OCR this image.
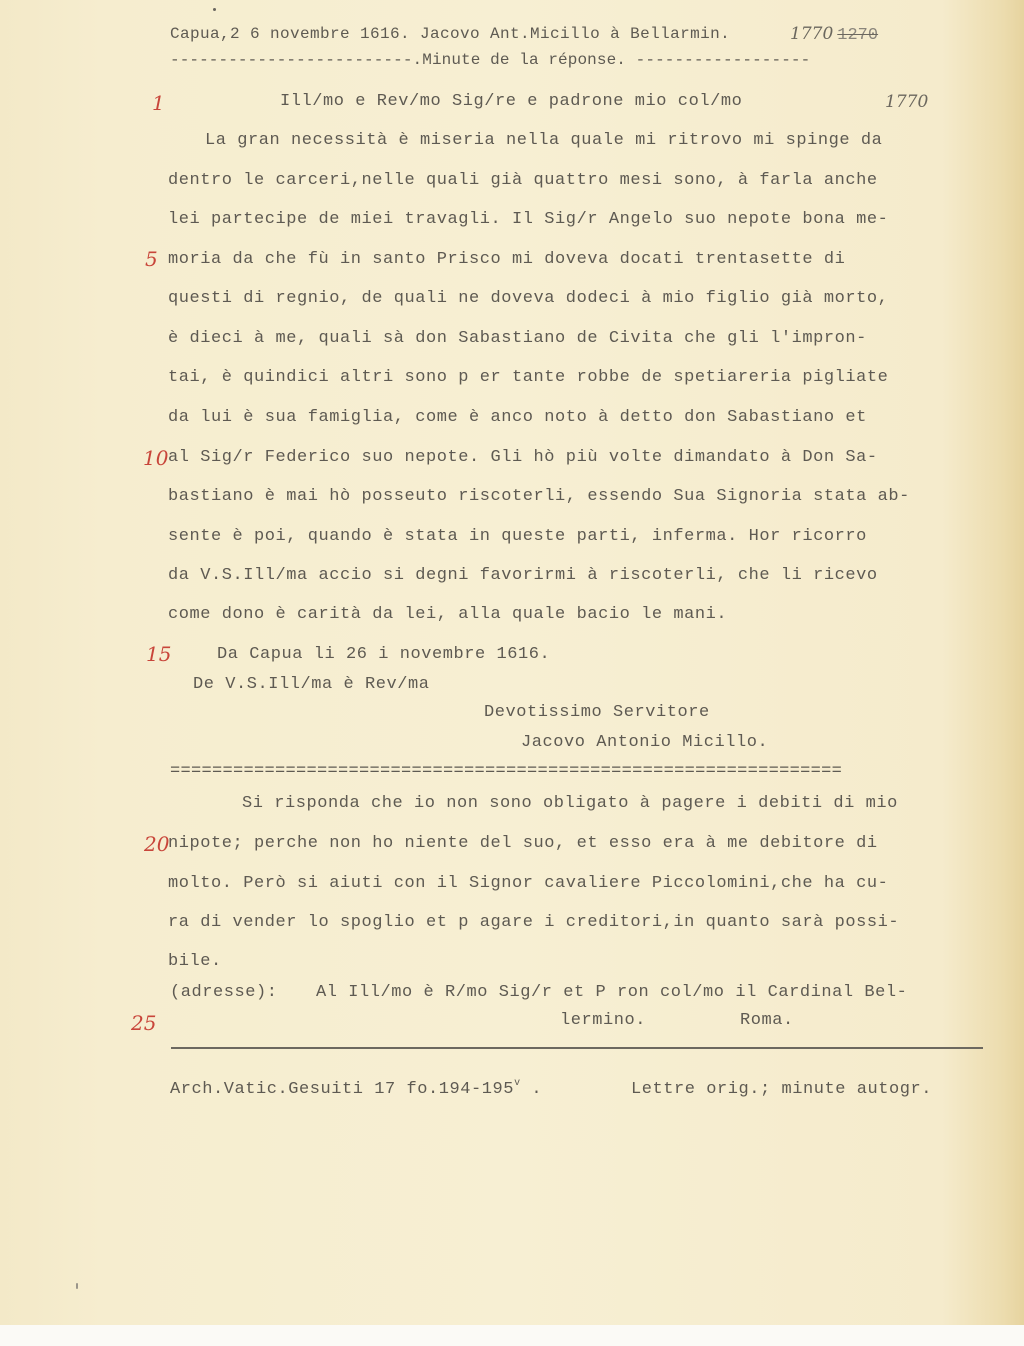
Capua,2 6 novembre 1616. Jacovo Ant.Micillo à Bellarmin.	1770 1270
-------------------------.Minute de la réponse. ------------------
1770
Ill/mo e Rev/mo Sig/re e padrone mio col/mo
La gran necessità è miseria nella quale mi ritrovo mi spinge da
dentro le carceri,nelle quali già quattro mesi sono, à farla anche
lei partecipe de miei travagli. Il Sig/r Angelo suo nepote bona me-
moria da che fù in santo Prisco mi doveva docati trentasette di
questi di regnio, de quali ne doveva dodeci à mio figlio già morto,
è dieci à me, quali sà don Sabastiano de Civita che gli l'impron-
tai, è quindici altri sono p er tante robbe de spetiareria pigliate
da lui è sua famiglia, come è anco noto à detto don Sabastiano et
al Sig/r Federico suo nepote. Gli hò più volte dimandato à Don Sa-
bastiano è mai hò posseuto riscoterli, essendo Sua Signoria stata ab-
sente è poi, quando è stata in queste parti, inferma. Hor ricorro
da V.S.Ill/ma accio si degni favorirmi à riscoterli, che li ricevo
come dono è carità da lei, alla quale bacio le mani.
Da Capua li 26 i novembre 1616.
De V.S.Ill/ma è Rev/ma
Devotissimo Servitore
Jacovo Antonio Micillo.
================================================================
Si risponda che io non sono obligato à pagere i debiti di mio
nipote; perche non ho niente del suo, et esso era à me debitore di
molto. Però si aiuti con il Signor cavaliere Piccolomini,che ha cu-
ra di vender lo spoglio et p agare i creditori,in quanto sarà possi-
bile.
(adresse): Al Ill/mo è R/mo Sig/r et P ron col/mo il Cardinal Bel-
lermino.	Roma.
Arch.Vatic.Gesuiti 17 fo.194-195$^v$ .	Lettre orig.; minute autogr.
1
5
10
15
20
25
